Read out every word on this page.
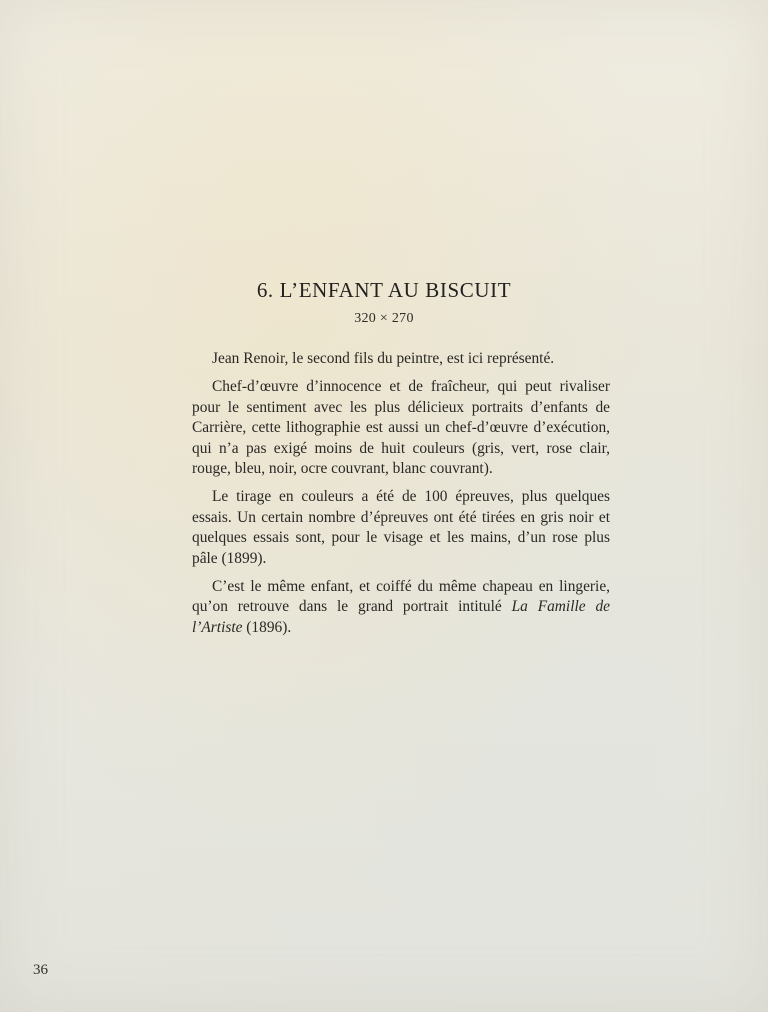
6. L’ENFANT AU BISCUIT
320 × 270

Jean Renoir, le second fils du peintre, est ici représenté.

Chef-d’œuvre d’innocence et de fraîcheur, qui peut rivaliser pour le sentiment avec les plus délicieux portraits d’enfants de Carrière, cette lithographie est aussi un chef-d’œuvre d’exécution, qui n’a pas exigé moins de huit couleurs (gris, vert, rose clair, rouge, bleu, noir, ocre couvrant, blanc couvrant).

Le tirage en couleurs a été de 100 épreuves, plus quelques essais. Un certain nombre d’épreuves ont été tirées en gris noir et quelques essais sont, pour le visage et les mains, d’un rose plus pâle (1899).

C’est le même enfant, et coiffé du même chapeau en lingerie, qu’on retrouve dans le grand portrait intitulé La Famille de l’Artiste (1896).

36
